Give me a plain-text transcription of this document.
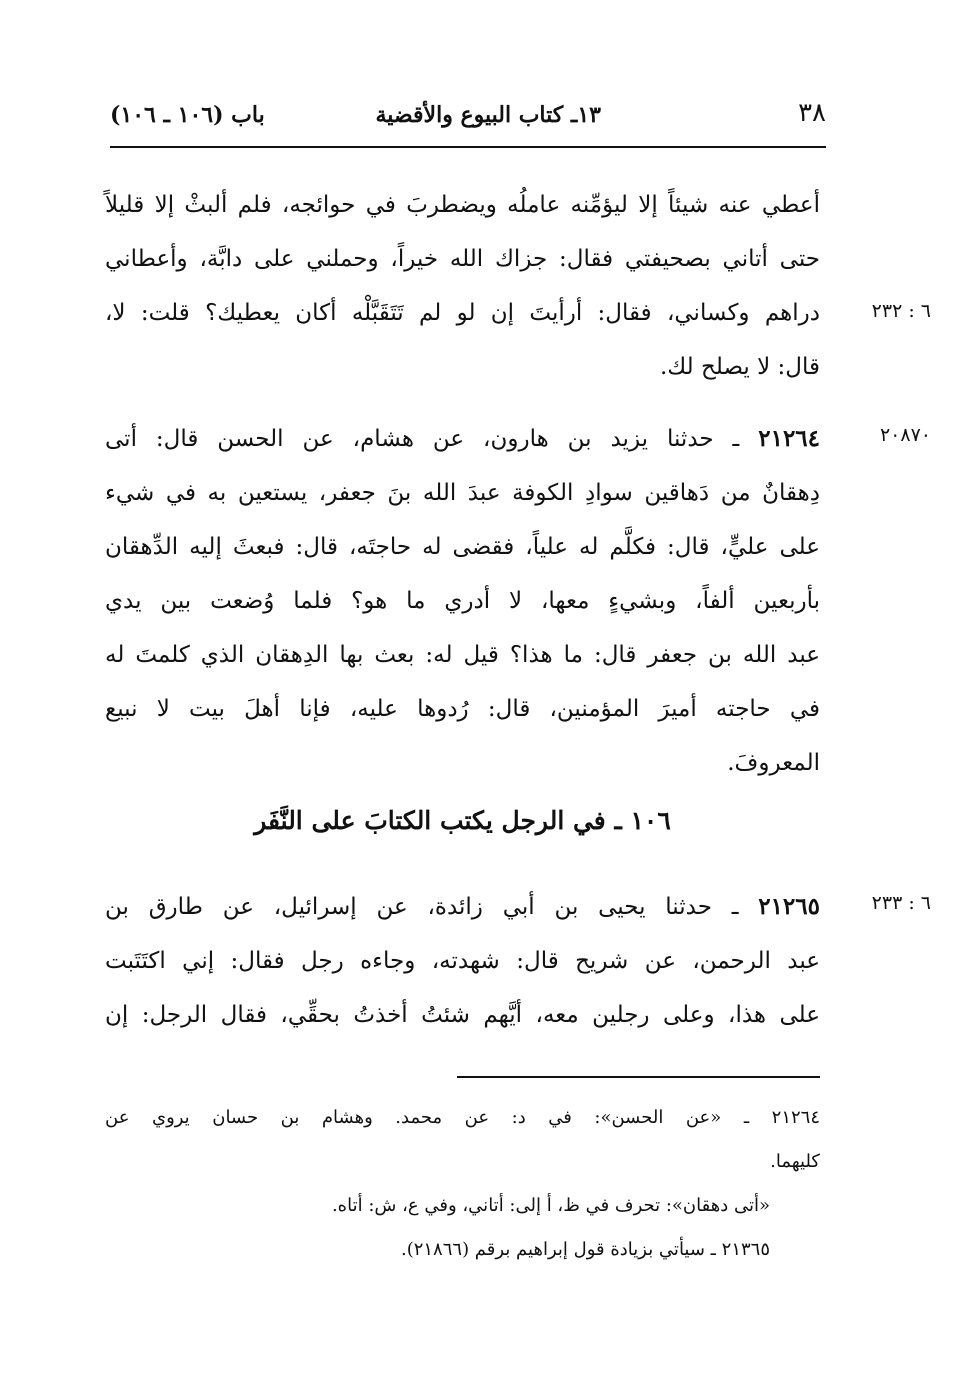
٣٨
١٣ـ كتاب البيوع والأقضية
باب (١٠٦ ـ ١٠٦)
أعطي عنه شيئاً إلا ليؤمِّنه عاملُه ويضطربَ في حوائجه، فلم ألبثْ إلا قليلاً
حتى أتاني بصحيفتي فقال: جزاك الله خيراً، وحملني على دابَّة، وأعطاني
دراهم وكساني، فقال: أرأيتَ إن لو لم تَتَقَبَّلْه أكان يعطيك؟ قلت: لا،
قال: لا يصلح لك.
٦ : ٢٣٢
٢١٢٦٤ ـ حدثنا يزيد بن هارون، عن هشام، عن الحسن قال: أتى
دِهقانٌ من دَهاقين سوادِ الكوفة عبدَ الله بنَ جعفر، يستعين به في شيء
على عليٍّ، قال: فكلَّم له علياً، فقضى له حاجتَه، قال: فبعثَ إليه الدِّهقان
بأربعين ألفاً، وبشيءٍ معها، لا أدري ما هو؟ فلما وُضعت بين يدي
عبد الله بن جعفر قال: ما هذا؟ قيل له: بعث بها الدِهقان الذي كلمتَ له
في حاجته أميرَ المؤمنين، قال: رُدوها عليه، فإنا أهلَ بيت لا نبيع
المعروفَ.
٢٠٨٧٠
١٠٦ ـ في الرجل يكتب الكتابَ على النَّفَر
٢١٢٦٥ ـ حدثنا يحيى بن أبي زائدة، عن إسرائيل، عن طارق بن
عبد الرحمن، عن شريح قال: شهدته، وجاءه رجل فقال: إني اكتَتَبت
على هذا، وعلى رجلين معه، أيَّهم شئتُ أخذتُ بحقِّي، فقال الرجل: إن
٦ : ٢٣٣
٢١٢٦٤ ـ «عن الحسن»: في د: عن محمد. وهشام بن حسان يروي عن
كليهما.
«أتى دهقان»: تحرف في ظ، أ إلى: أتاني، وفي ع، ش: أتاه.
٢١٣٦٥ ـ سيأتي بزيادة قول إبراهيم برقم (٢١٨٦٦).
